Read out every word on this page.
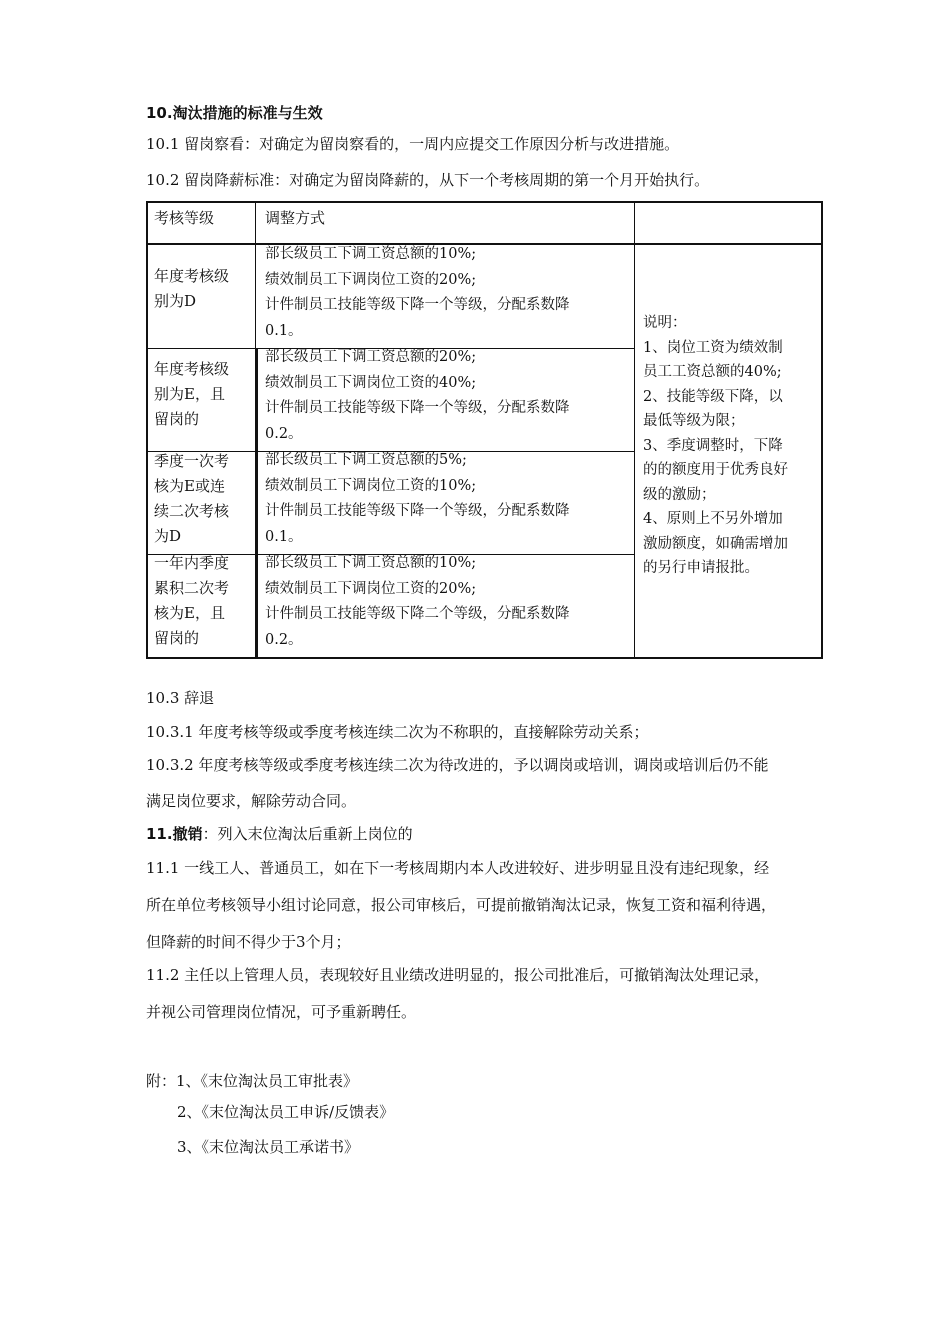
10.淘汰措施的标准与生效
10.1 留岗察看：对确定为留岗察看的，一周内应提交工作原因分析与改进措施。
10.2 留岗降薪标准：对确定为留岗降薪的，从下一个考核周期的第一个月开始执行。
考核等级	调整方式
年度考核级
别为D
部长级员工下调工资总额的10%;
绩效制员工下调岗位工资的20%;
计件制员工技能等级下降一个等级，分配系数降
0.1。
年度考核级
别为E，且
留岗的
部长级员工下调工资总额的20%;
绩效制员工下调岗位工资的40%;
计件制员工技能等级下降一个等级，分配系数降
0.2。
季度一次考
核为E或连
续二次考核
为D
部长级员工下调工资总额的5%;
绩效制员工下调岗位工资的10%;
计件制员工技能等级下降一个等级，分配系数降
0.1。
一年内季度
累积二次考
核为E，且
留岗的
部长级员工下调工资总额的10%;
绩效制员工下调岗位工资的20%;
计件制员工技能等级下降二个等级，分配系数降
0.2。
说明：
1、岗位工资为绩效制
员工工资总额的40%;
2、技能等级下降，以
最低等级为限；
3、季度调整时，下降
的的额度用于优秀良好
级的激励；
4、原则上不另外增加
激励额度，如确需增加
的另行申请报批。
10.3 辞退
10.3.1 年度考核等级或季度考核连续二次为不称职的，直接解除劳动关系；
10.3.2 年度考核等级或季度考核连续二次为待改进的，予以调岗或培训，调岗或培训后仍不能
满足岗位要求，解除劳动合同。
11.撤销：列入末位淘汰后重新上岗位的
11.1 一线工人、普通员工，如在下一考核周期内本人改进较好、进步明显且没有违纪现象，经
所在单位考核领导小组讨论同意，报公司审核后，可提前撤销淘汰记录，恢复工资和福利待遇，
但降薪的时间不得少于3个月；
11.2 主任以上管理人员，表现较好且业绩改进明显的，报公司批准后，可撤销淘汰处理记录，
并视公司管理岗位情况，可予重新聘任。
附：1、《末位淘汰员工审批表》
2、《末位淘汰员工申诉/反馈表》
3、《末位淘汰员工承诺书》
